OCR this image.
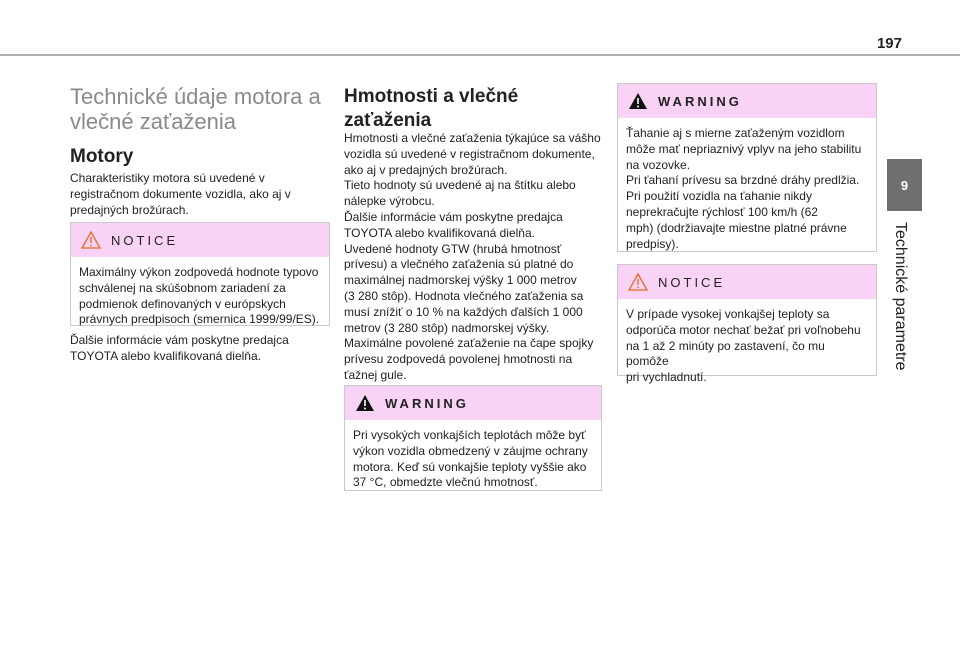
197
9
Technické parametre
Technické údaje motora a vlečné zaťaženia
Motory

Charakteristiky motora sú uvedené v
registračnom dokumente vozidla, ako aj v
predajných brožúrach.

NOTICE

Maximálny výkon zodpovedá hodnote typovo
schválenej na skúšobnom zariadení za
podmienok definovaných v európskych
právnych predpisoch (smernica 1999/99/ES).

Ďalšie informácie vám poskytne predajca
TOYOTA alebo kvalifikovaná dielňa.

Hmotnosti a vlečné zaťaženia

Hmotnosti a vlečné zaťaženia týkajúce sa vášho
vozidla sú uvedené v registračnom dokumente,
ako aj v predajných brožúrach.
Tieto hodnoty sú uvedené aj na štítku alebo
nálepke výrobcu.
Ďalšie informácie vám poskytne predajca
TOYOTA alebo kvalifikovaná dielňa.
Uvedené hodnoty GTW (hrubá hmotnosť
prívesu) a vlečného zaťaženia sú platné do
maximálnej nadmorskej výšky 1 000 metrov
(3 280 stôp). Hodnota vlečného zaťaženia sa
musí znížiť o 10 % na každých ďalších 1 000
metrov (3 280 stôp) nadmorskej výšky.
Maximálne povolené zaťaženie na čape spojky
prívesu zodpovedá povolenej hmotnosti na
ťažnej gule.

WARNING

Pri vysokých vonkajších teplotách môže byť
výkon vozidla obmedzený v záujme ochrany
motora. Keď sú vonkajšie teploty vyššie ako
37 °C, obmedzte vlečnú hmotnosť.

WARNING

Ťahanie aj s mierne zaťaženým vozidlom
môže mať nepriaznivý vplyv na jeho stabilitu
na vozovke.
Pri ťahaní prívesu sa brzdné dráhy predlžia.
Pri použití vozidla na ťahanie nikdy
neprekračujte rýchlosť 100 km/h (62
mph) (dodržiavajte miestne platné právne
predpisy).

NOTICE

V prípade vysokej vonkajšej teploty sa
odporúča motor nechať bežať pri voľnobehu
na 1 až 2 minúty po zastavení, čo mu pomôže
pri vychladnutí.
